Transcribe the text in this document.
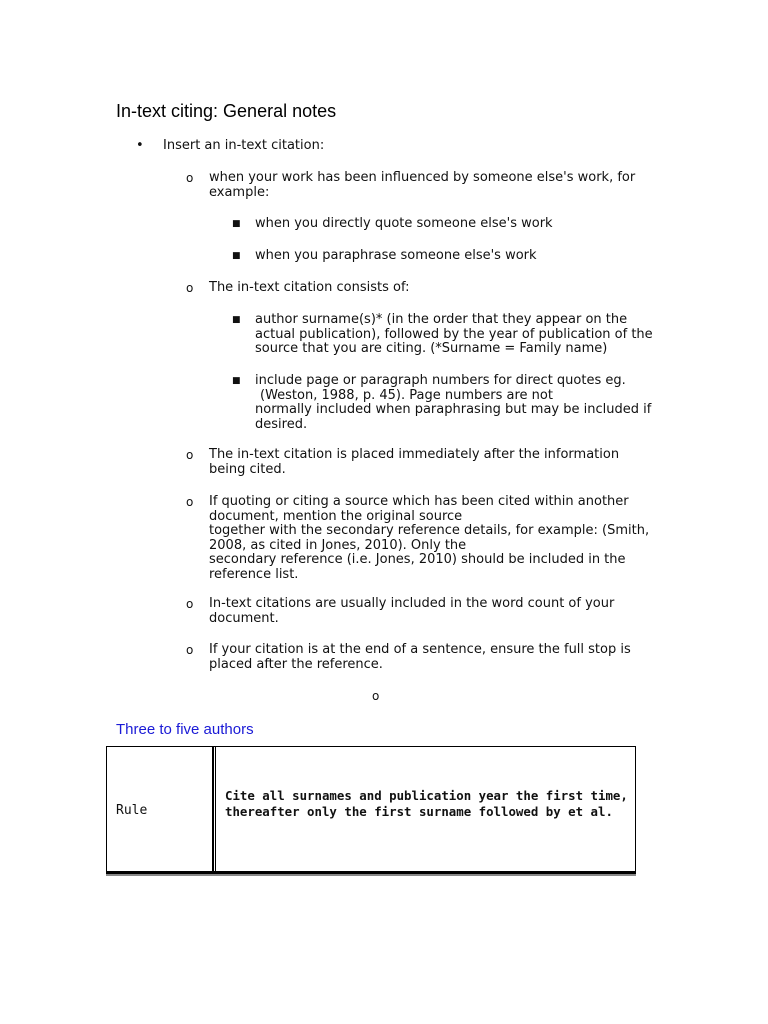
In-text citing: General notes
• Insert an in-text citation:
o when your work has been influenced by someone else's work, for example:
■ when you directly quote someone else's work
■ when you paraphrase someone else's work
o The in-text citation consists of:
■ author surname(s)* (in the order that they appear on the actual publication), followed by the year of publication of the source that you are citing. (*Surname = Family name)
■ include page or paragraph numbers for direct quotes eg.
(Weston, 1988, p. 45). Page numbers are not
normally included when paraphrasing but may be included if desired.
o The in-text citation is placed immediately after the information being cited.
o If quoting or citing a source which has been cited within another document, mention the original source
together with the secondary reference details, for example: (Smith, 2008, as cited in Jones, 2010). Only the
secondary reference (i.e. Jones, 2010) should be included in the reference list.
o In-text citations are usually included in the word count of your document.
o If your citation is at the end of a sentence, ensure the full stop is placed after the reference.
o
Three to five authors
Rule
Cite all surnames and publication year the first time, thereafter only the first surname followed by et al.
